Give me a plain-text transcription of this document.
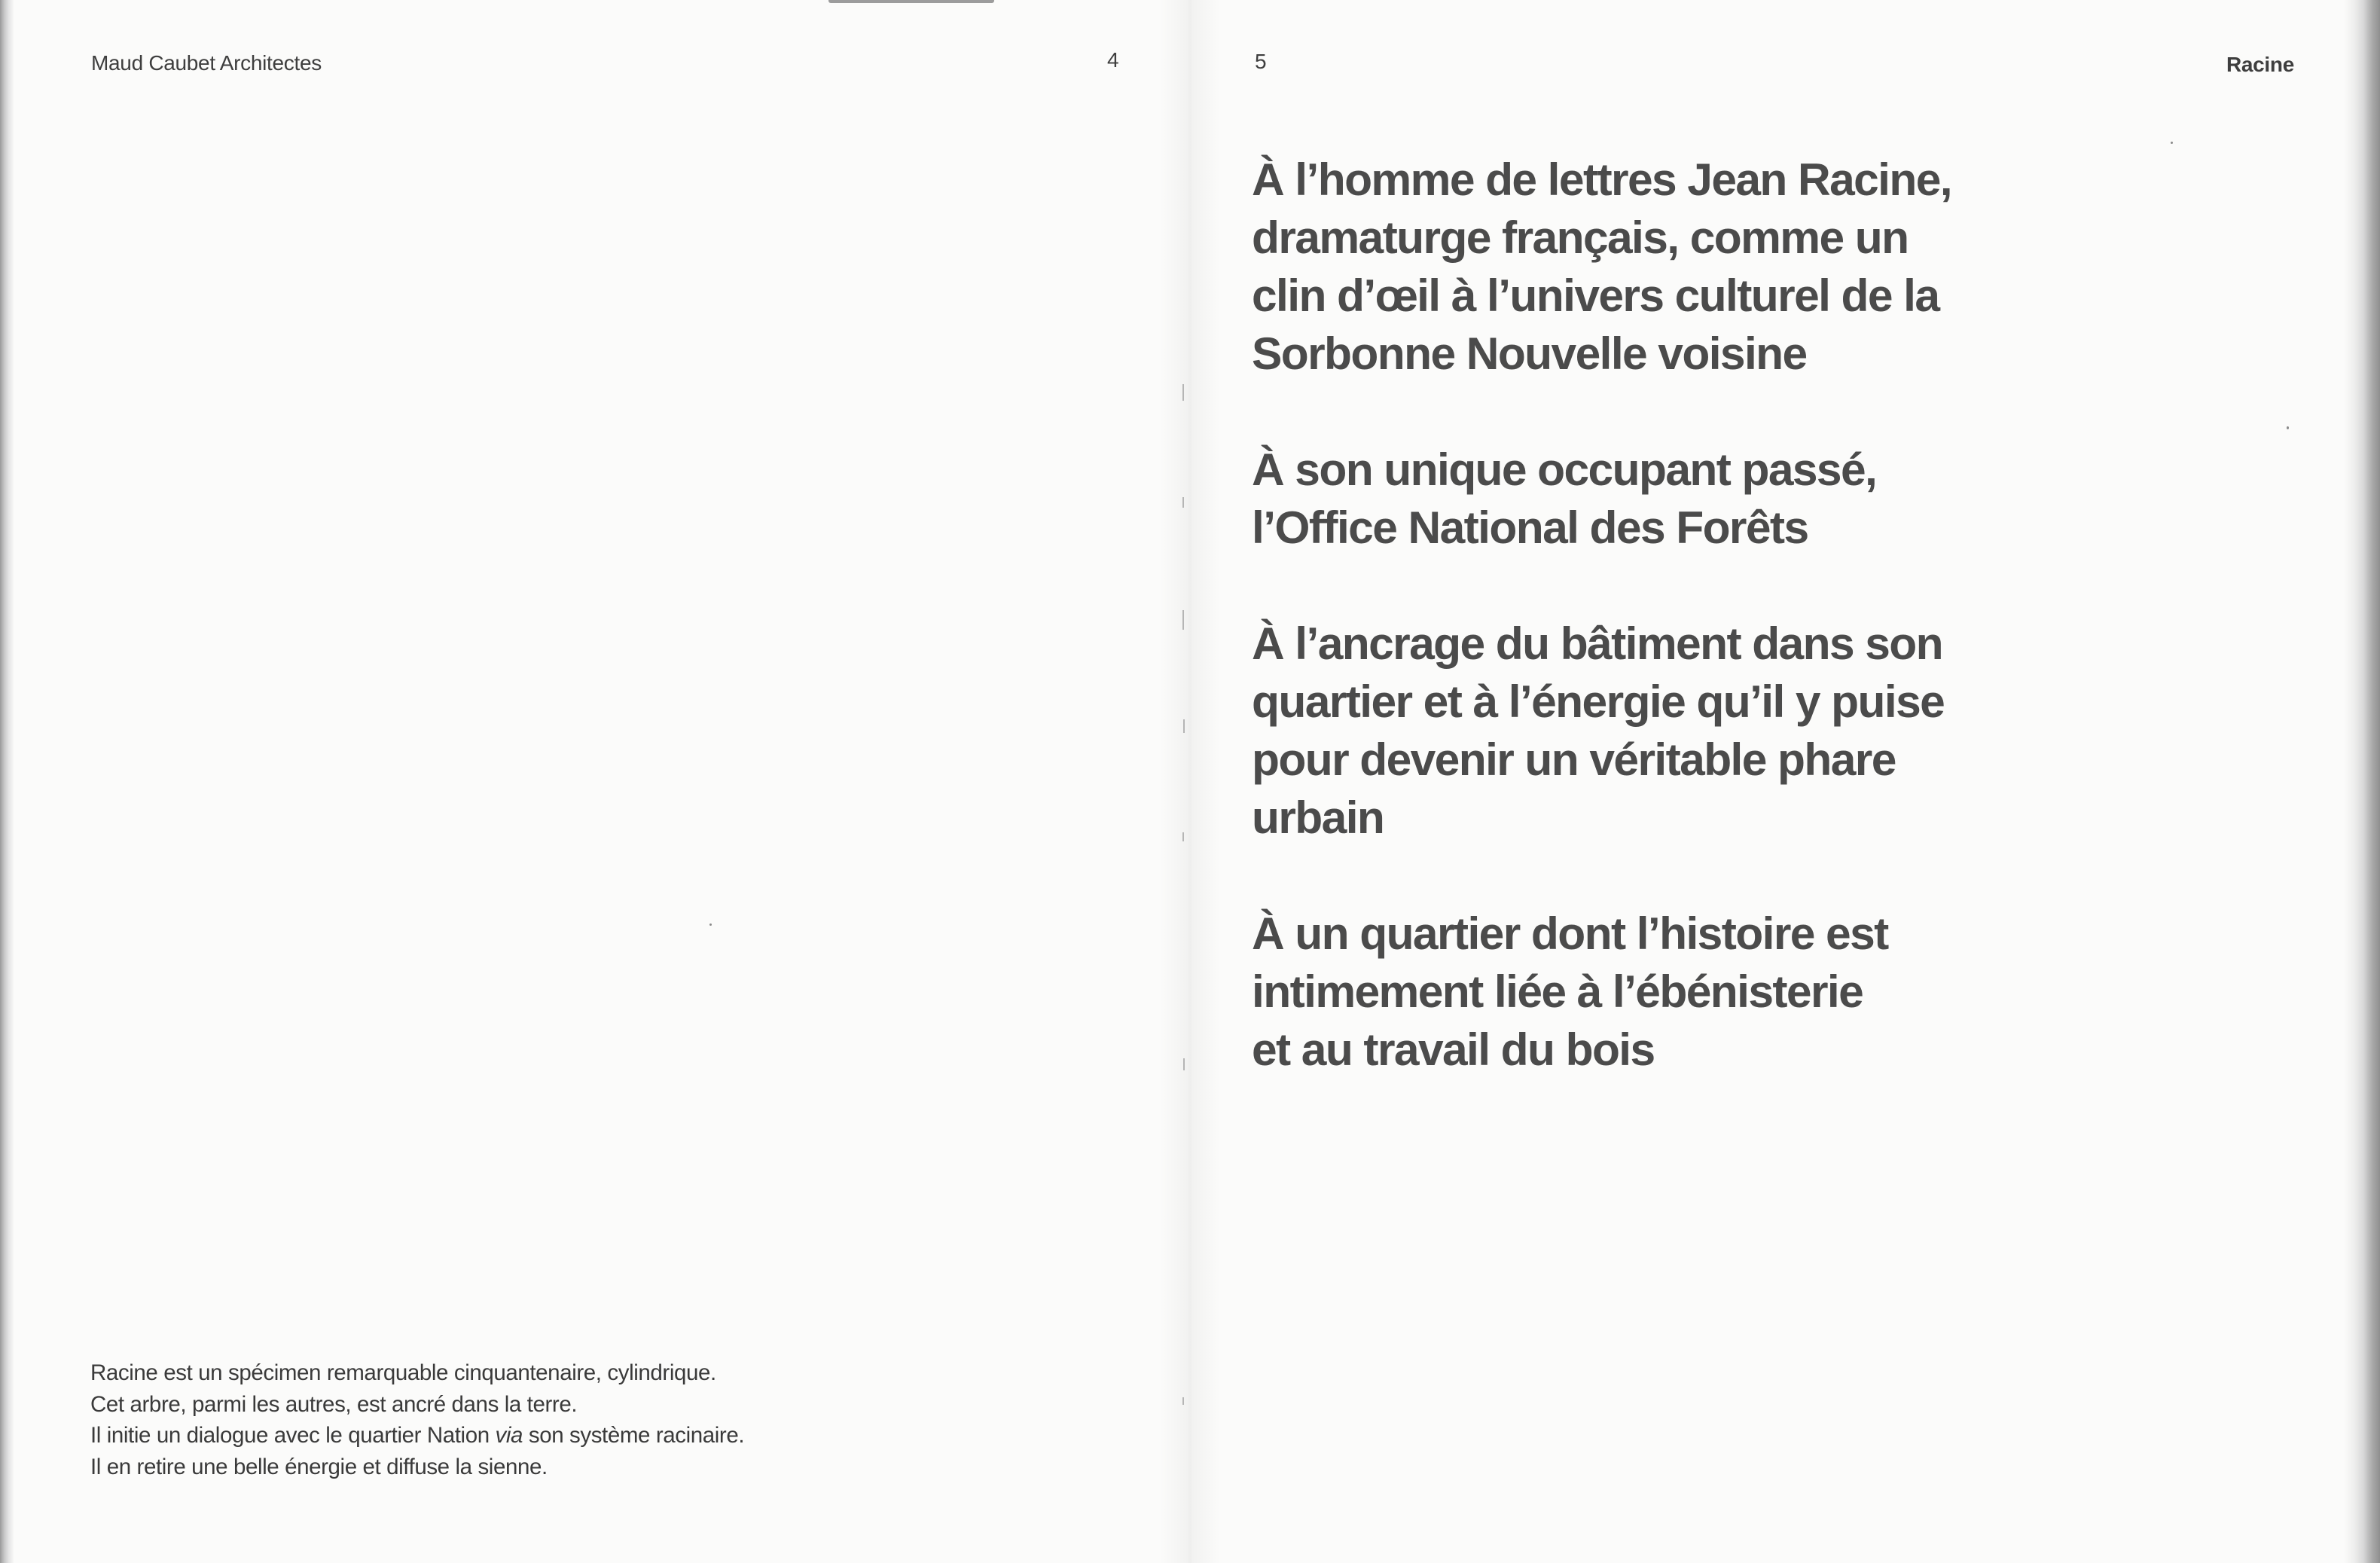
Maud Caubet Architectes	4
Racine est un spécimen remarquable cinquantenaire, cylindrique.
Cet arbre, parmi les autres, est ancré dans la terre.
Il initie un dialogue avec le quartier Nation via son système racinaire.
Il en retire une belle énergie et diffuse la sienne.
5	Racine

À l’homme de lettres Jean Racine,
dramaturge français, comme un
clin d’œil à l’univers culturel de la
Sorbonne Nouvelle voisine

À son unique occupant passé,
l’Office National des Forêts

À l’ancrage du bâtiment dans son
quartier et à l’énergie qu’il y puise
pour devenir un véritable phare
urbain

À un quartier dont l’histoire est
intimement liée à l’ébénisterie
et au travail du bois
